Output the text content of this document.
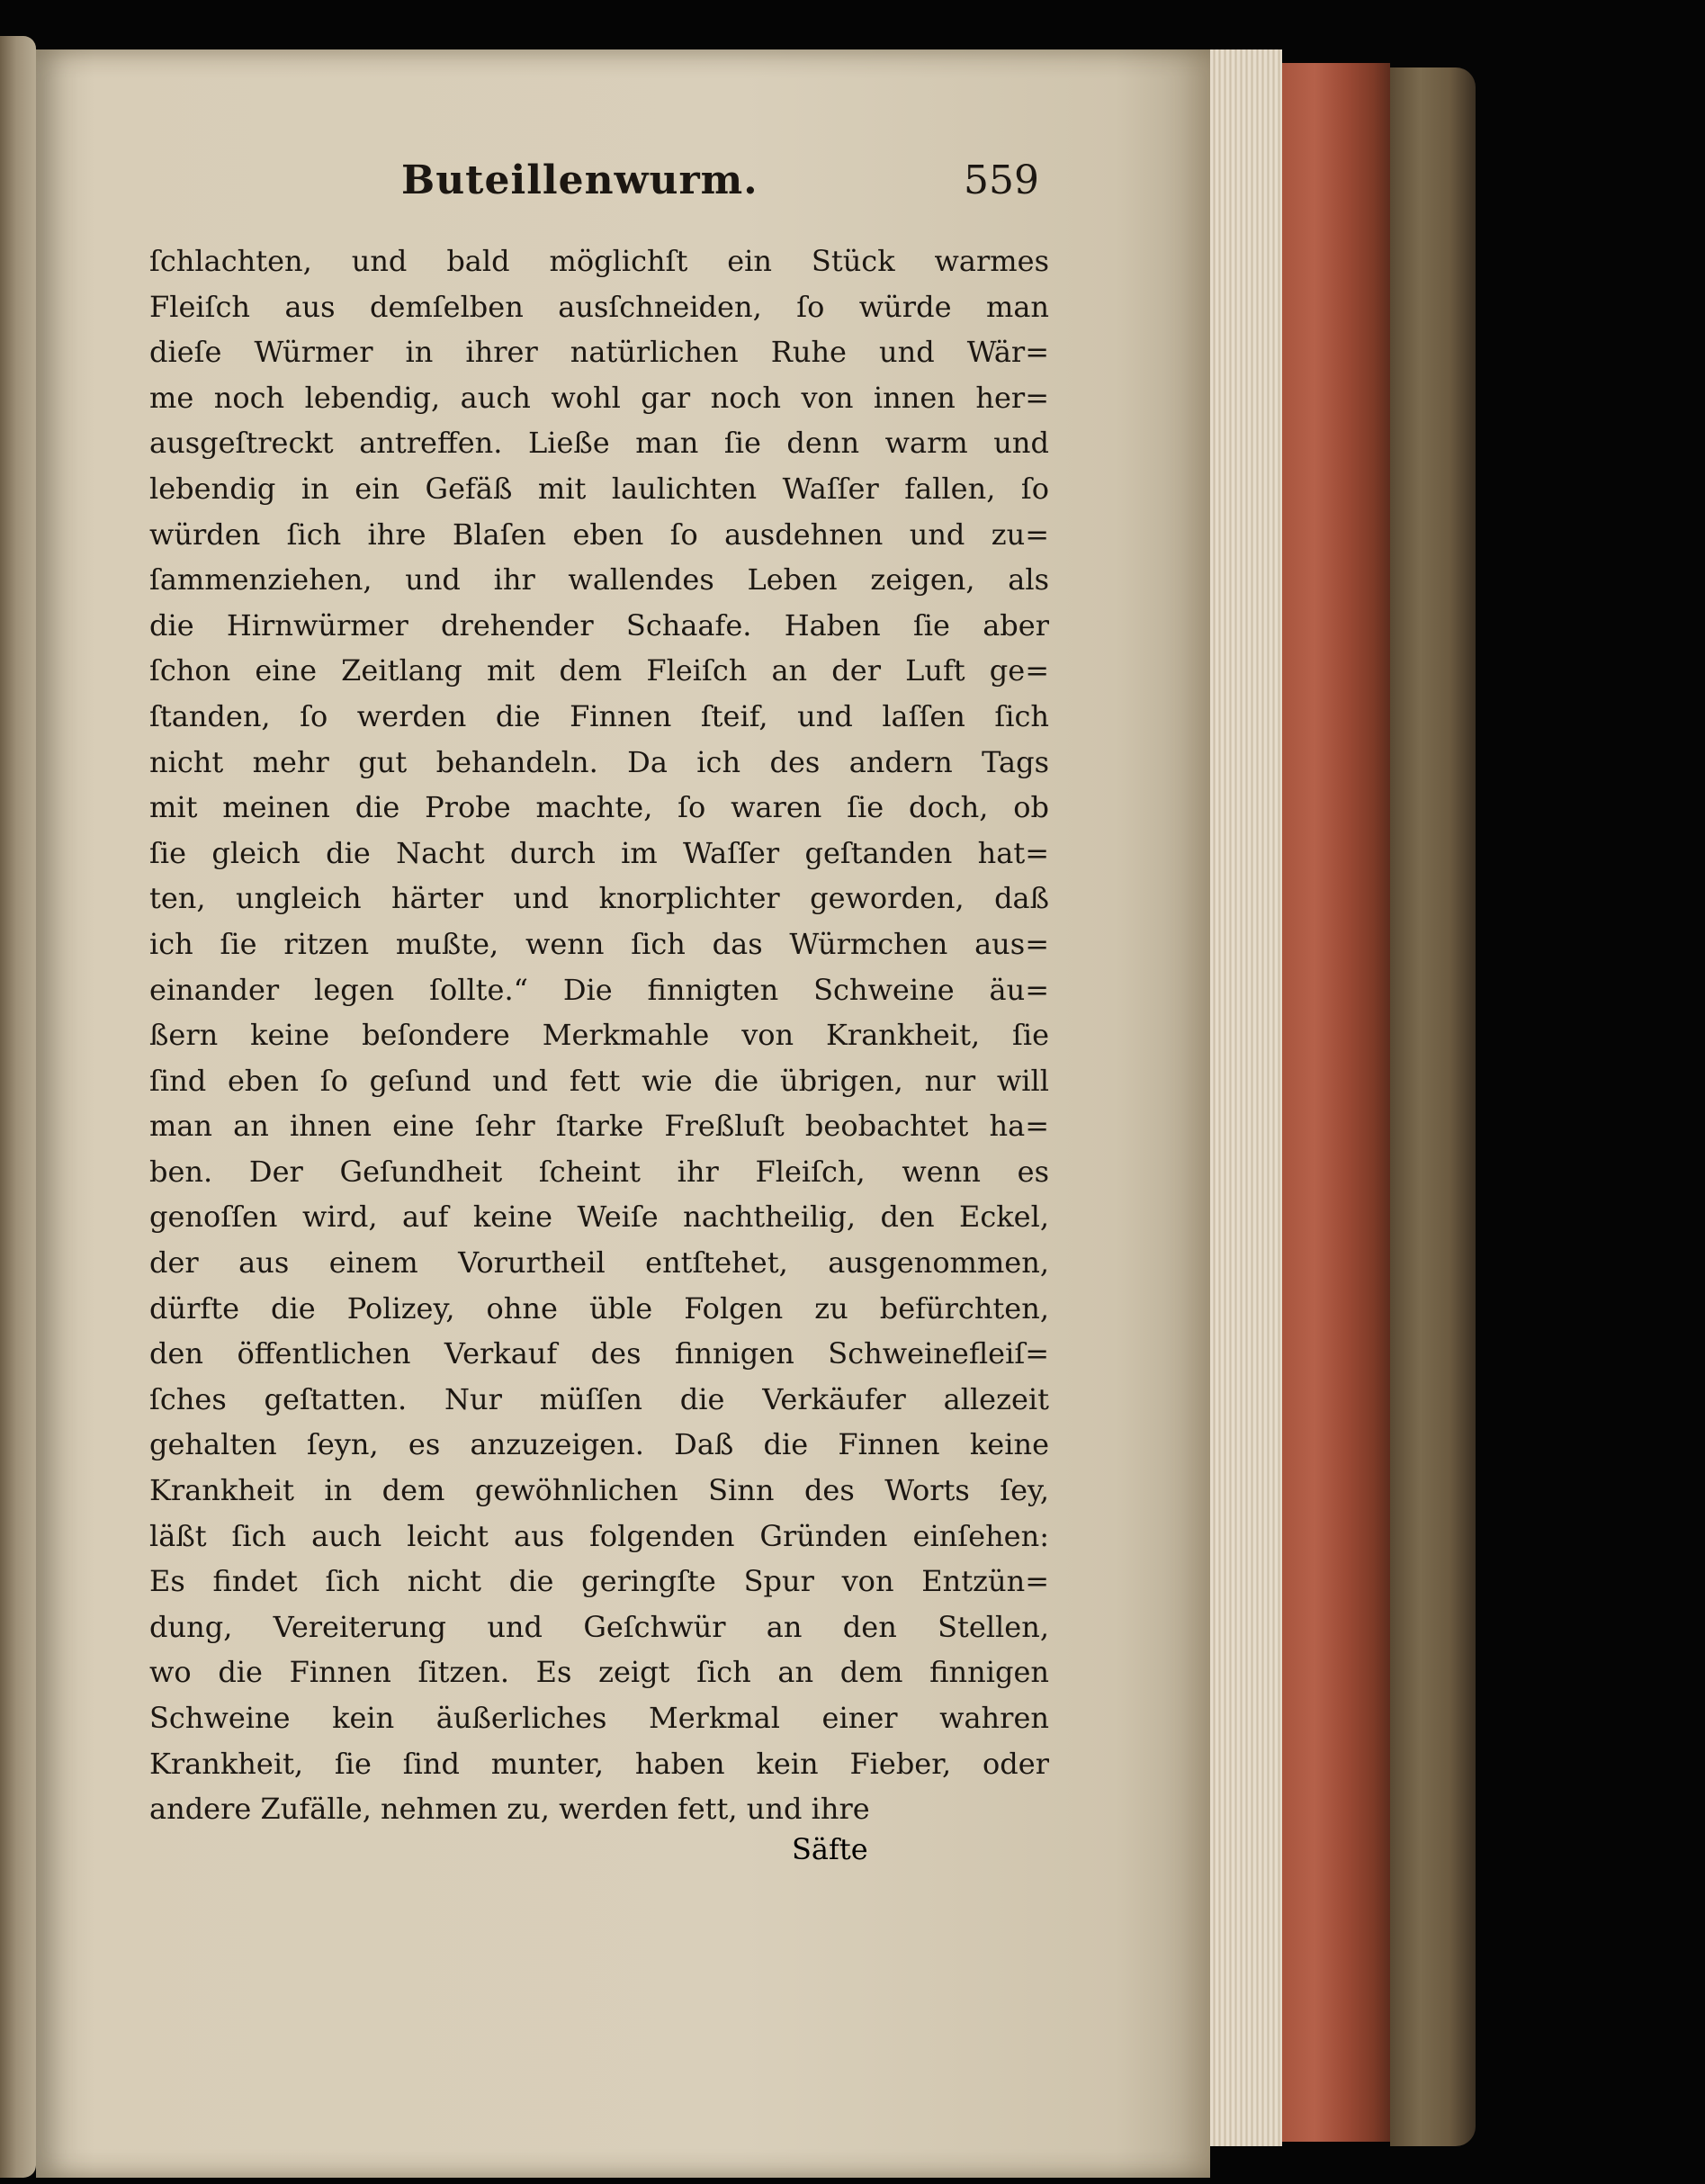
Buteillenwurm.	559
ſchlachten, und bald möglichſt ein Stück warmes
Fleiſch aus demſelben ausſchneiden, ſo würde man
dieſe Würmer in ihrer natürlichen Ruhe und Wär=
me noch lebendig, auch wohl gar noch von innen her=
ausgeſtreckt antreffen. Ließe man ſie denn warm und
lebendig in ein Gefäß mit laulichten Waſſer fallen, ſo
würden ſich ihre Blaſen eben ſo ausdehnen und zu=
ſammenziehen, und ihr wallendes Leben zeigen, als
die Hirnwürmer drehender Schaafe. Haben ſie aber
ſchon eine Zeitlang mit dem Fleiſch an der Luft ge=
ſtanden, ſo werden die Finnen ſteif, und laſſen ſich
nicht mehr gut behandeln. Da ich des andern Tags
mit meinen die Probe machte, ſo waren ſie doch, ob
ſie gleich die Nacht durch im Waſſer geſtanden hat=
ten, ungleich härter und knorplichter geworden, daß
ich ſie ritzen mußte, wenn ſich das Würmchen aus=
einander legen ſollte.“ Die finnigten Schweine äu=
ßern keine beſondere Merkmahle von Krankheit, ſie
ſind eben ſo geſund und fett wie die übrigen, nur will
man an ihnen eine ſehr ſtarke Freßluſt beobachtet ha=
ben. Der Geſundheit ſcheint ihr Fleiſch, wenn es
genoſſen wird, auf keine Weiſe nachtheilig, den Eckel,
der aus einem Vorurtheil entſtehet, ausgenommen,
dürfte die Polizey, ohne üble Folgen zu befürchten,
den öffentlichen Verkauf des finnigen Schweinefleiſ=
ſches geſtatten. Nur müſſen die Verkäufer allezeit
gehalten ſeyn, es anzuzeigen. Daß die Finnen keine
Krankheit in dem gewöhnlichen Sinn des Worts ſey,
läßt ſich auch leicht aus folgenden Gründen einſehen:
Es findet ſich nicht die geringſte Spur von Entzün=
dung, Vereiterung und Geſchwür an den Stellen,
wo die Finnen ſitzen. Es zeigt ſich an dem finnigen
Schweine kein äußerliches Merkmal einer wahren
Krankheit, ſie ſind munter, haben kein Fieber, oder
andere Zufälle, nehmen zu, werden fett, und ihre
Säfte
